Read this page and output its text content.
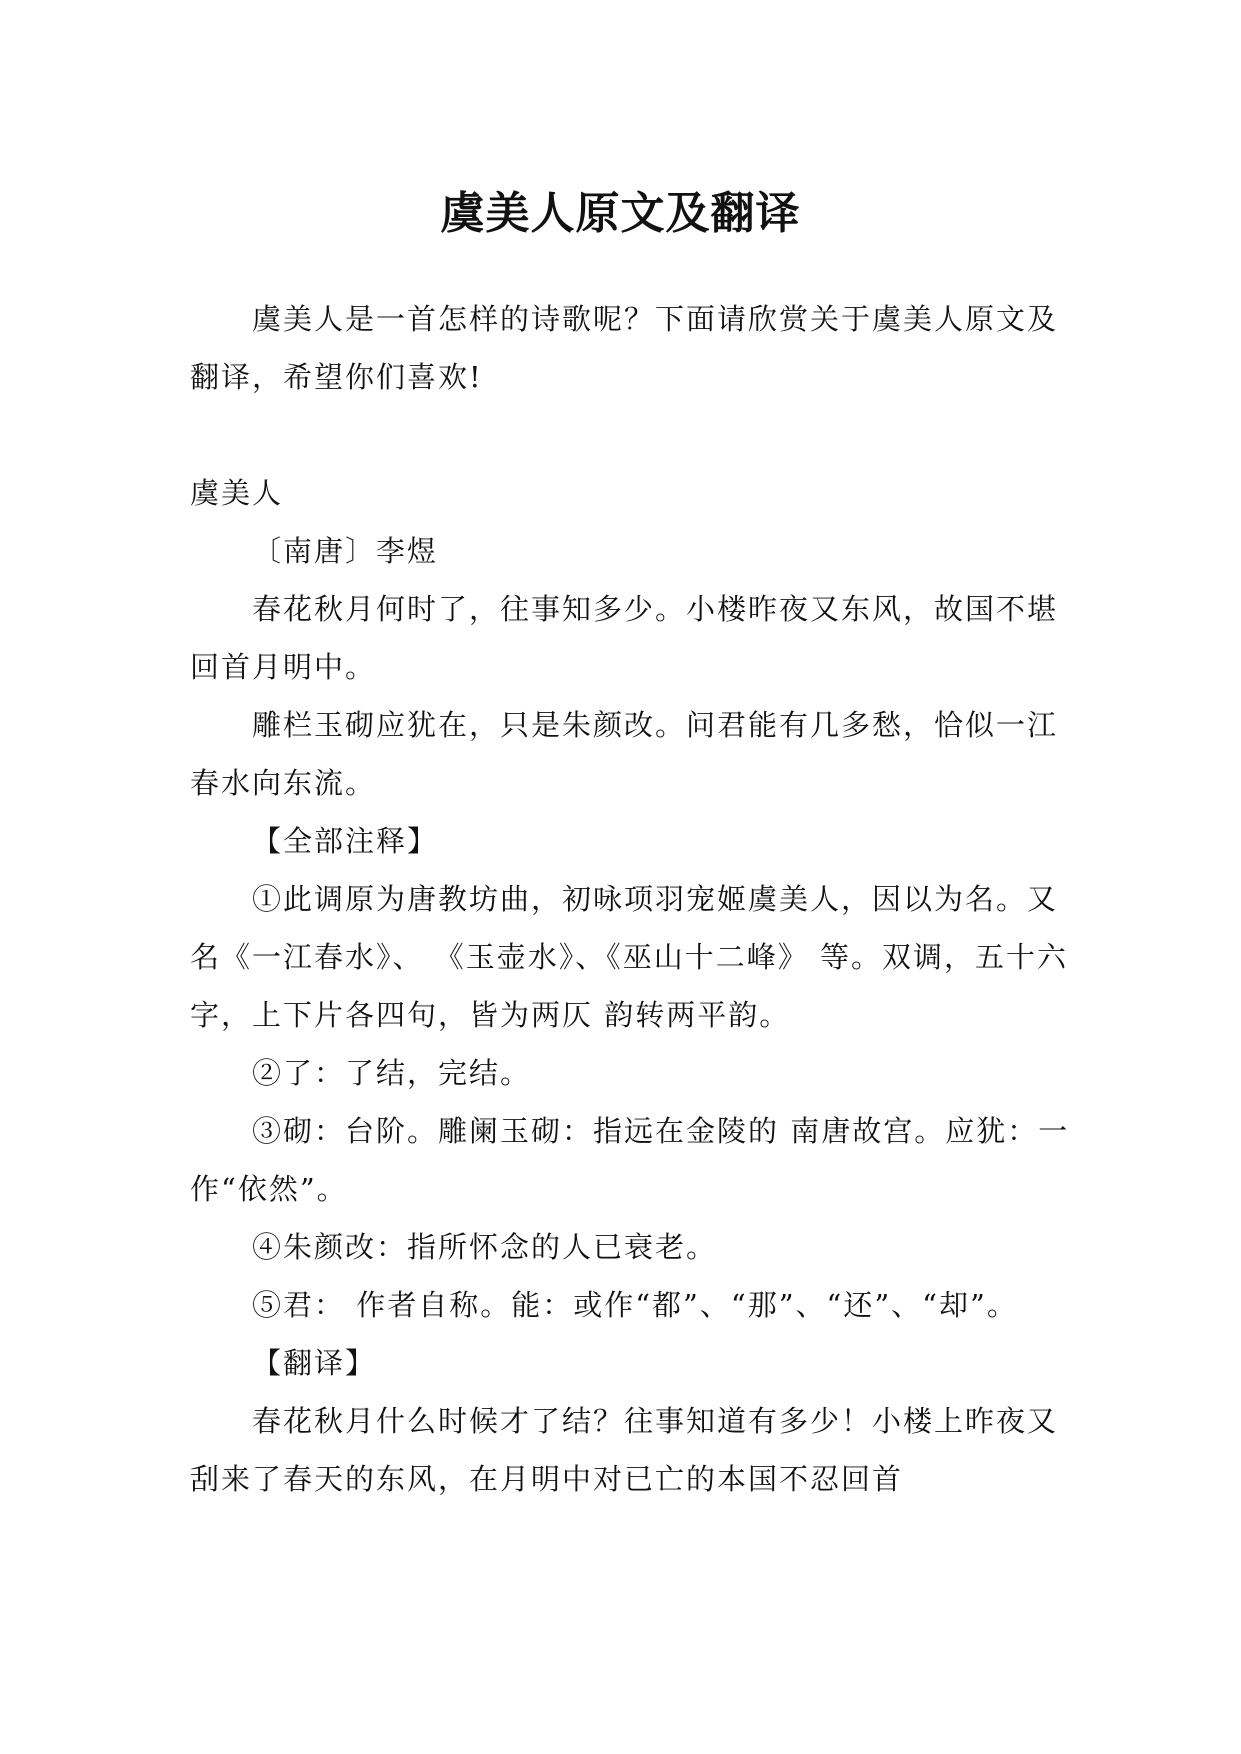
虞美人原文及翻译

虞美人是一首怎样的诗歌呢？下面请欣赏关于虞美人原文及翻译，希望你们喜欢!

虞美人

〔南唐〕李煜

春花秋月何时了，往事知多少。小楼昨夜又东风，故国不堪回首月明中。

雕栏玉砌应犹在，只是朱颜改。问君能有几多愁，恰似一江春水向东流。

【全部注释】

①此调原为唐教坊曲，初咏项羽宠姬虞美人，因以为名。又名《一江春水》、 《玉壶水》、《巫山十二峰》 等。双调，五十六字，上下片各四句，皆为两仄 韵转两平韵。

②了：了结，完结。

③砌：台阶。雕阑玉砌：指远在金陵的 南唐故宫。应犹：一作“依然”。

④朱颜改：指所怀念的人已衰老。

⑤君： 作者自称。能：或作“都”、“那”、“还”、“却”。

【翻译】

春花秋月什么时候才了结？往事知道有多少！小楼上昨夜又刮来了春天的东风，在月明中对已亡的本国不忍回首
